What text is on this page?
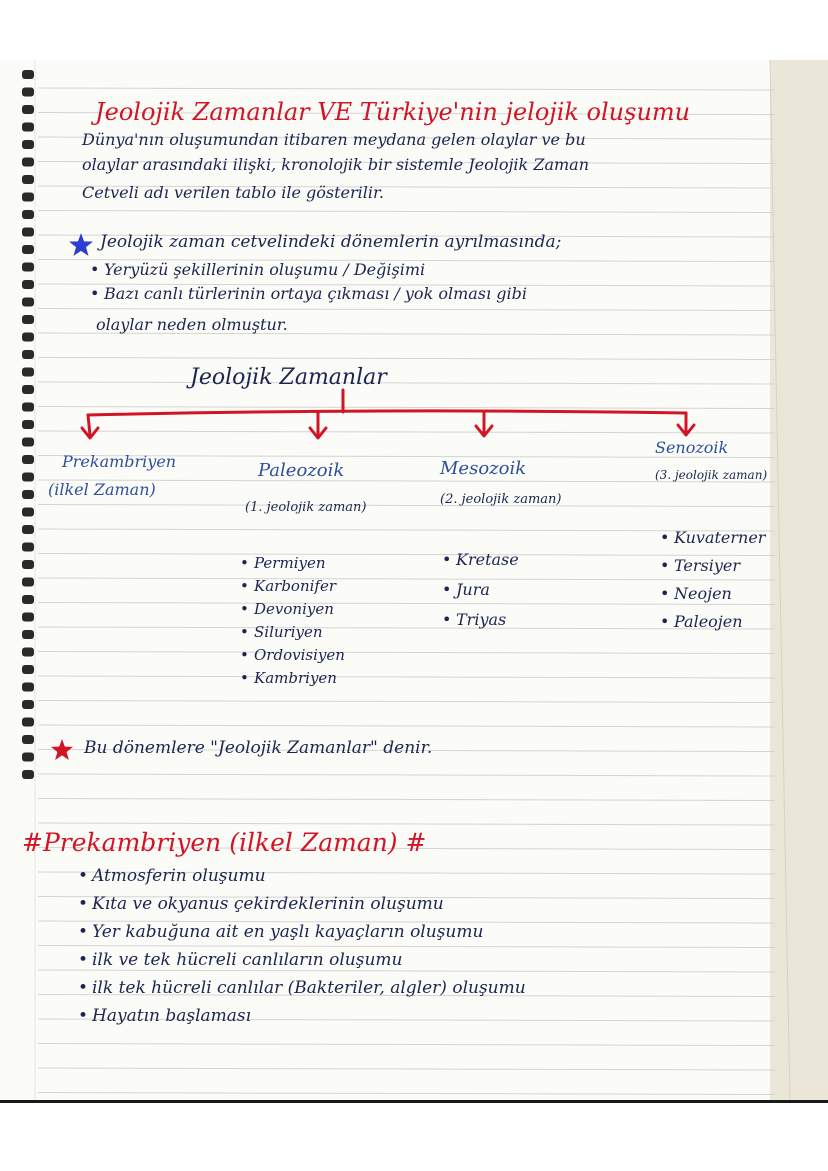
Jeolojik Zamanlar VE Türkiye'nin jelojik oluşumu
Dünya'nın oluşumundan itibaren meydana gelen olaylar ve bu
olaylar arasındaki ilişki, kronolojik bir sistemle Jeolojik Zaman
Cetveli adı verilen tablo ile gösterilir.
Jeolojik zaman cetvelindeki dönemlerin ayrılmasında;
• Yeryüzü şekillerinin oluşumu / Değişimi
• Bazı canlı türlerinin ortaya çıkması / yok olması gibi
olaylar neden olmuştur.
Jeolojik Zamanlar
Prekambriyen
(ilkel Zaman)
Paleozoik
(1. jeolojik zaman)
• Permiyen
• Karbonifer
• Devoniyen
• Siluriyen
• Ordovisiyen
• Kambriyen
Mesozoik
(2. jeolojik zaman)
• Kretase
• Jura
• Triyas
Senozoik
(3. jeolojik zaman)
• Kuvaterner
• Tersiyer
• Neojen
• Paleojen
Bu dönemlere "Jeolojik Zamanlar" denir.
#Prekambriyen (ilkel Zaman) #
• Atmosferin oluşumu
• Kıta ve okyanus çekirdeklerinin oluşumu
• Yer kabuğuna ait en yaşlı kayaçların oluşumu
• ilk ve tek hücreli canlıların oluşumu
• ilk tek hücreli canlılar (Bakteriler, algler) oluşumu
• Hayatın başlaması
